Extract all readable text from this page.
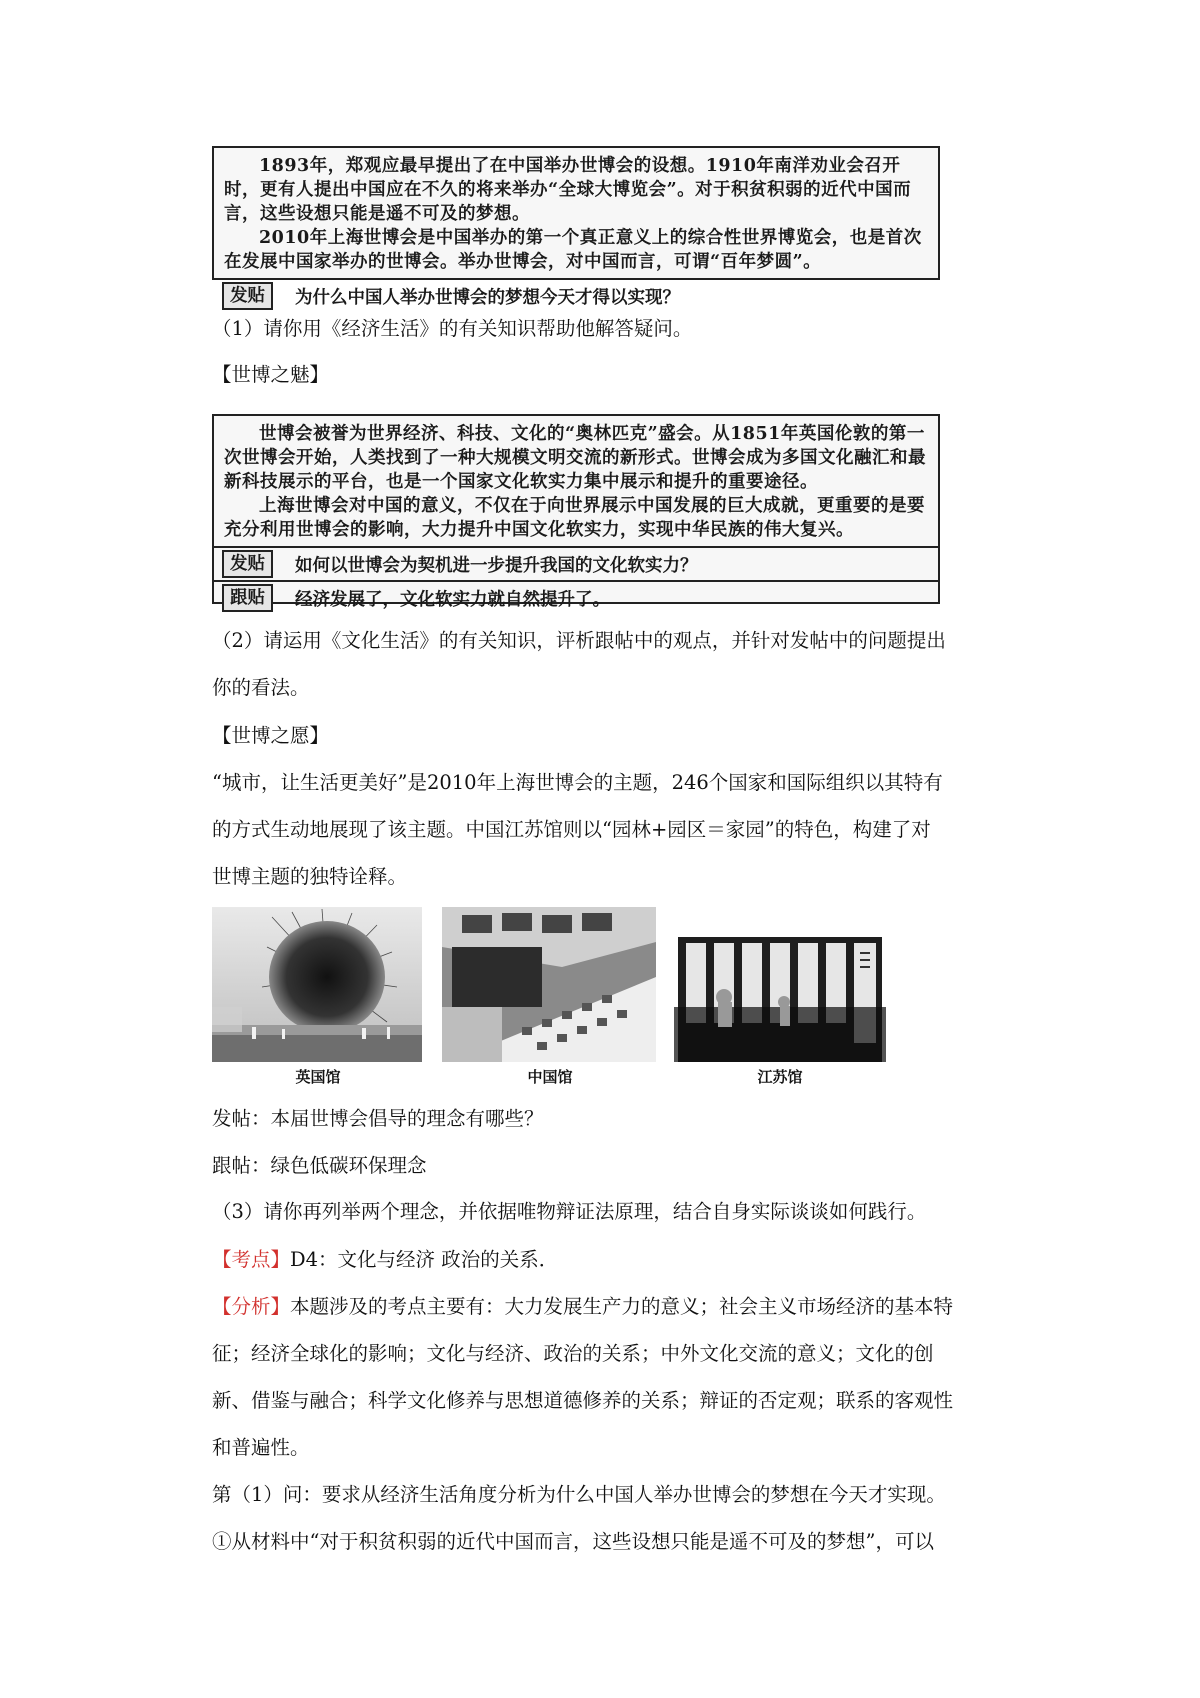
1893年，郑观应最早提出了在中国举办世博会的设想。1910年南洋劝业会召开时，更有人提出中国应在不久的将来举办“全球大博览会”。对于积贫积弱的近代中国而言，这些设想只能是遥不可及的梦想。

2010年上海世博会是中国举办的第一个真正意义上的综合性世界博览会，也是首次在发展中国家举办的世博会。举办世博会，对中国而言，可谓“百年梦圆”。

发贴	为什么中国人举办世博会的梦想今天才得以实现？
（1）请你用《经济生活》的有关知识帮助他解答疑问。
【世博之魅】

世博会被誉为世界经济、科技、文化的“奥林匹克”盛会。从1851年英国伦敦的第一次世博会开始，人类找到了一种大规模文明交流的新形式。世博会成为多国文化融汇和最新科技展示的平台，也是一个国家文化软实力集中展示和提升的重要途径。

上海世博会对中国的意义，不仅在于向世界展示中国发展的巨大成就，更重要的是要充分利用世博会的影响，大力提升中国文化软实力，实现中华民族的伟大复兴。

发贴	如何以世博会为契机进一步提升我国的文化软实力？
跟贴	经济发展了，文化软实力就自然提升了。
（2）请运用《文化生活》的有关知识，评析跟帖中的观点，并针对发帖中的问题提出
你的看法。
【世博之愿】
“城市，让生活更美好”是2010年上海世博会的主题，246个国家和国际组织以其特有
的方式生动地展现了该主题。中国江苏馆则以“园林+园区＝家园”的特色，构建了对
世博主题的独特诠释。
英国馆	中国馆	江苏馆
发帖：本届世博会倡导的理念有哪些？
跟帖：绿色低碳环保理念
（3）请你再列举两个理念，并依据唯物辩证法原理，结合自身实际谈谈如何践行。
【考点】D4：文化与经济 政治的关系．
【分析】本题涉及的考点主要有：大力发展生产力的意义；社会主义市场经济的基本特
征；经济全球化的影响；文化与经济、政治的关系；中外文化交流的意义；文化的创
新、借鉴与融合；科学文化修养与思想道德修养的关系；辩证的否定观；联系的客观性
和普遍性。
第（1）问：要求从经济生活角度分析为什么中国人举办世博会的梦想在今天才实现。
①从材料中“对于积贫积弱的近代中国而言，这些设想只能是遥不可及的梦想”，可以
